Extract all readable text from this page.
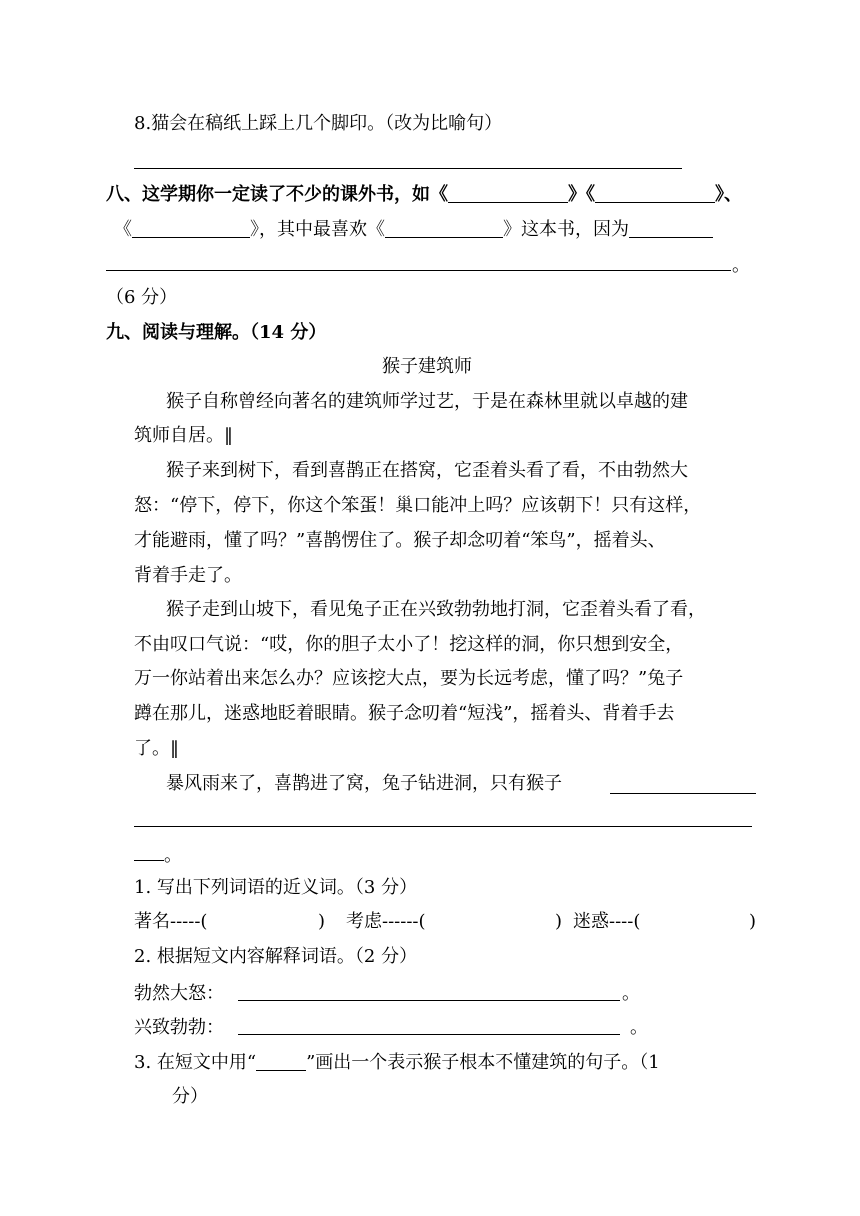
8.猫会在稿纸上踩上几个脚印。（改为比喻句）
八、这学期你一定读了不少的课外书，如《	》《	》、
《	》，其中最喜欢《	》这本书，因为
。
（6 分）
九、阅读与理解。（14 分）
猴子建筑师
猴子自称曾经向著名的建筑师学过艺，于是在森林里就以卓越的建
筑师自居。‖
猴子来到树下，看到喜鹊正在搭窝，它歪着头看了看，不由勃然大
怒：“停下，停下，你这个笨蛋！巢口能冲上吗？应该朝下！只有这样，
才能避雨，懂了吗？”喜鹊愣住了。猴子却念叨着“笨鸟”，摇着头、
背着手走了。
猴子走到山坡下，看见兔子正在兴致勃勃地打洞，它歪着头看了看，
不由叹口气说：“哎，你的胆子太小了！挖这样的洞，你只想到安全，
万一你站着出来怎么办？应该挖大点，要为长远考虑，懂了吗？”兔子
蹲在那儿，迷惑地眨着眼睛。猴子念叨着“短浅”，摇着头、背着手去
了。‖
暴风雨来了，喜鹊进了窝，兔子钻进洞，只有猴子
。
1. 写出下列词语的近义词。（3 分）
著名-----(	) 考虑------(	) 迷惑----(	)
2. 根据短文内容解释词语。（2 分）
勃然大怒：	。
兴致勃勃：	。
3. 在短文中用“	”画出一个表示猴子根本不懂建筑的句子。（1
分）
